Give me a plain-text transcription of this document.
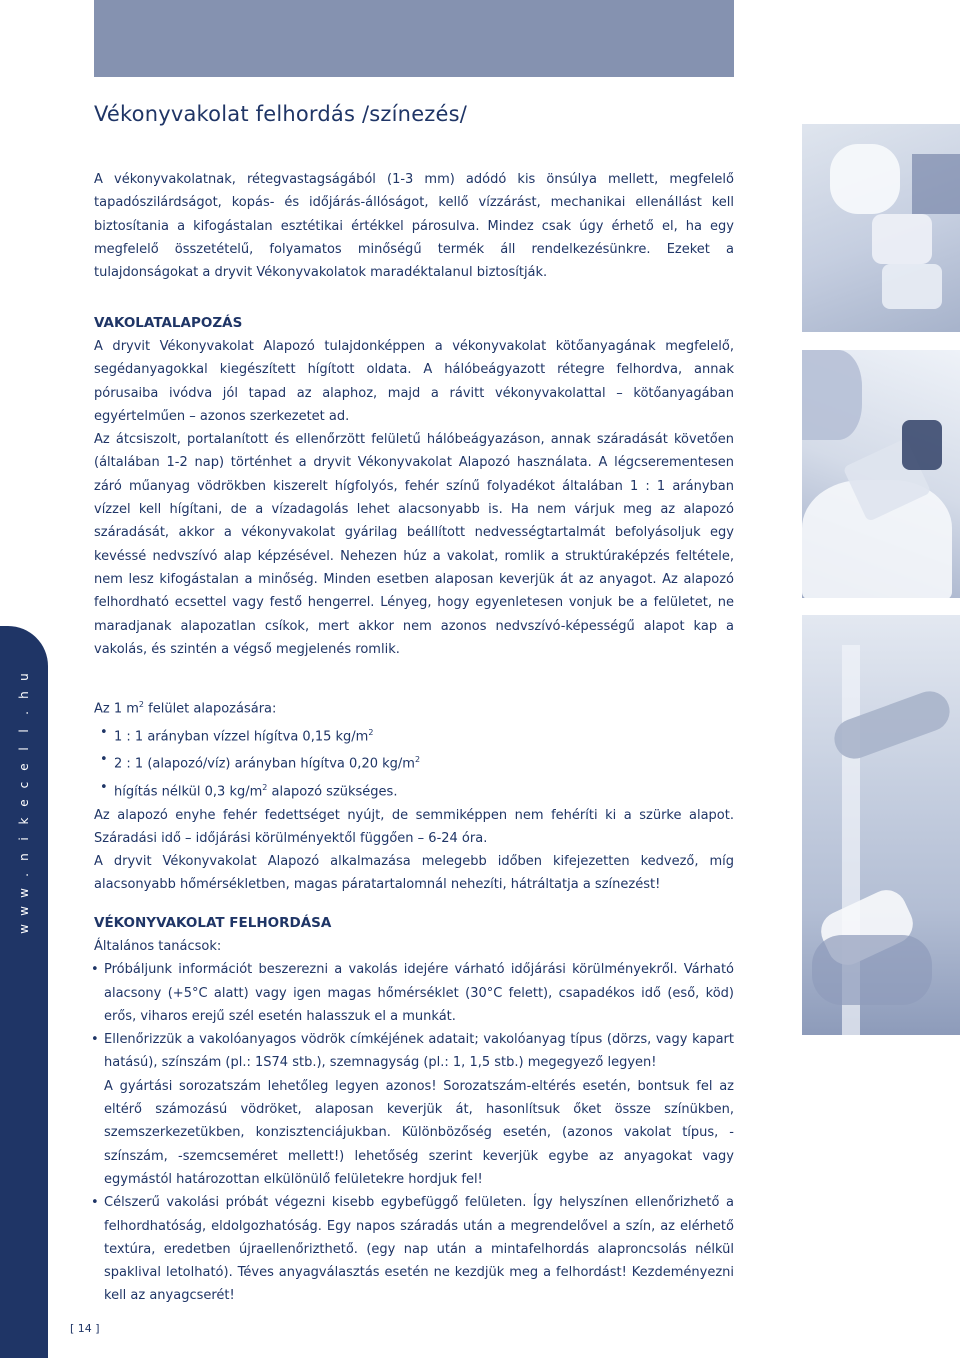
u
h
.
l
l
e
c
e
k
i
n
.
w
w
w
[ 14 ]
Vékonyvakolat felhordás /színezés/

A vékonyvakolatnak, rétegvastagságából (1-3 mm) adódó kis önsúlya mellett, megfelelő tapadószilárdságot, kopás- és időjárás-állóságot, kellő vízzárást, mechanikai ellenállást kell biztosítania a kifogástalan esztétikai értékkel párosulva. Mindez csak úgy érhető el, ha egy megfelelő összetételű, folyamatos minőségű termék áll rendelkezésünkre. Ezeket a tulajdonságokat a dryvit Vékonyvakolatok maradéktalanul biztosítják.

VAKOLATALAPOZÁS

A dryvit Vékonyvakolat Alapozó tulajdonképpen a vékonyvakolat kötőanyagának megfelelő, segédanyagokkal kiegészített hígított oldata. A hálóbeágyazott rétegre felhordva, annak pórusaiba ivódva jól tapad az alaphoz, majd a rávitt vékonyvakolattal – kötőanyagában egyértelműen – azonos szerkezetet ad.

Az átcsiszolt, portalanított és ellenőrzött felületű hálóbeágyazáson, annak száradását követően (általában 1-2 nap) történhet a dryvit Vékonyvakolat Alapozó használata. A légcserementesen záró műanyag vödrökben kiszerelt hígfolyós, fehér színű folyadékot általában 1 : 1 arányban vízzel kell hígítani, de a vízadagolás lehet alacsonyabb is. Ha nem várjuk meg az alapozó száradását, akkor a vékonyvakolat gyárilag beállított nedvességtartalmát befolyásoljuk egy kevéssé nedvszívó alap képzésével. Nehezen húz a vakolat, romlik a struktúraképzés feltétele, nem lesz kifogástalan a minőség. Minden esetben alaposan keverjük át az anyagot. Az alapozó felhordható ecsettel vagy festő hengerrel. Lényeg, hogy egyenletesen vonjuk be a felületet, ne maradjanak alapozatlan csíkok, mert akkor nem azonos nedvszívó-képességű alapot kap a vakolás, és szintén a végső megjelenés romlik.

Az 1 $m^2$ felület alapozására:

• 1 : 1 arányban vízzel hígítva 0,15 $kg/m^2$
• 2 : 1 (alapozó/víz) arányban hígítva 0,20 $kg/m^2$
• hígítás nélkül 0,3 $kg/m^2$ alapozó szükséges.

Az alapozó enyhe fehér fedettséget nyújt, de semmiképpen nem fehéríti ki a szürke alapot. Száradási idő – időjárási körülményektől függően – 6-24 óra.

A dryvit Vékonyvakolat Alapozó alkalmazása melegebb időben kifejezetten kedvező, míg alacsonyabb hőmérsékletben, magas páratartalomnál nehezíti, hátráltatja a színezést!

VÉKONYVAKOLAT FELHORDÁSA

Általános tanácsok:

• Próbáljunk információt beszerezni a vakolás idejére várható időjárási körülményekről. Várható alacsony (+5°C alatt) vagy igen magas hőmérséklet (30°C felett), csapadékos idő (eső, köd) erős, viharos erejű szél esetén halasszuk el a munkát.
• Ellenőrizzük a vakolóanyagos vödrök címkéjének adatait; vakolóanyag típus (dörzs, vagy kapart hatású), színszám (pl.: 1S74 stb.), szemnagyság (pl.: 1, 1,5 stb.) megegyező legyen!

A gyártási sorozatszám lehetőleg legyen azonos! Sorozatszám-eltérés esetén, bontsuk fel az eltérő számozású vödröket, alaposan keverjük át, hasonlítsuk őket össze színükben, szemszerkezetükben, konzisztenciájukban. Különbözőség esetén, (azonos vakolat típus, -színszám, -szemcseméret mellett!) lehetőség szerint keverjük egybe az anyagokat vagy egymástól határozottan elkülönülő felületekre hordjuk fel!

• Célszerű vakolási próbát végezni kisebb egybefüggő felületen. Így helyszínen ellenőrizhető a felhordhatóság, eldolgozhatóság. Egy napos száradás után a megrendelővel a szín, az elérhető textúra, eredetben újraellenőrizthető. (egy nap után a mintafelhordás alaproncsolás nélkül spaklival letolható). Téves anyagválasztás esetén ne kezdjük meg a felhordást! Kezdeményezni kell az anyagcserét!
